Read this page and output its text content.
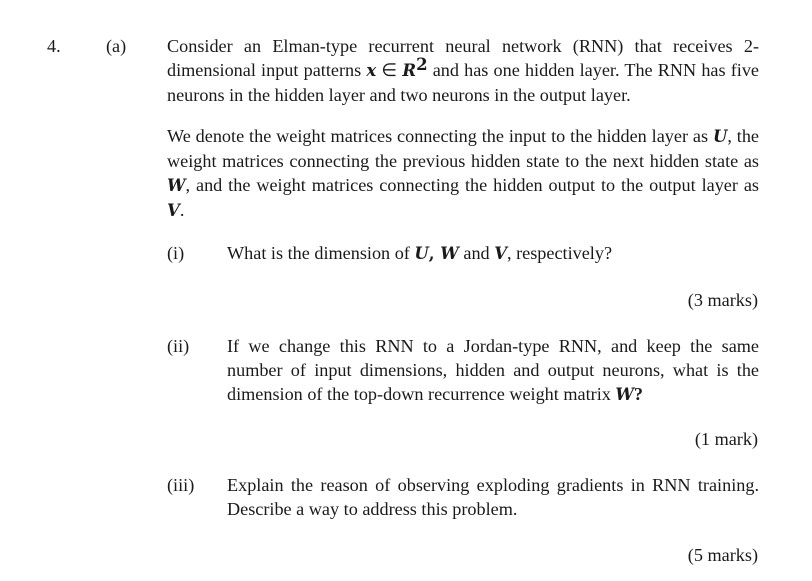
4. (a) Consider an Elman-type recurrent neural network (RNN) that receives 2-dimensional input patterns x ∈ $R^2$ and has one hidden layer. The RNN has five neurons in the hidden layer and two neurons in the output layer.
We denote the weight matrices connecting the input to the hidden layer as U, the weight matrices connecting the previous hidden state to the next hidden state as W, and the weight matrices connecting the hidden output to the output layer as V.
(i) What is the dimension of U, W and V, respectively?
(3 marks)
(ii) If we change this RNN to a Jordan-type RNN, and keep the same number of input dimensions, hidden and output neurons, what is the dimension of the top-down recurrence weight matrix W?
(1 mark)
(iii) Explain the reason of observing exploding gradients in RNN training. Describe a way to address this problem.
(5 marks)
